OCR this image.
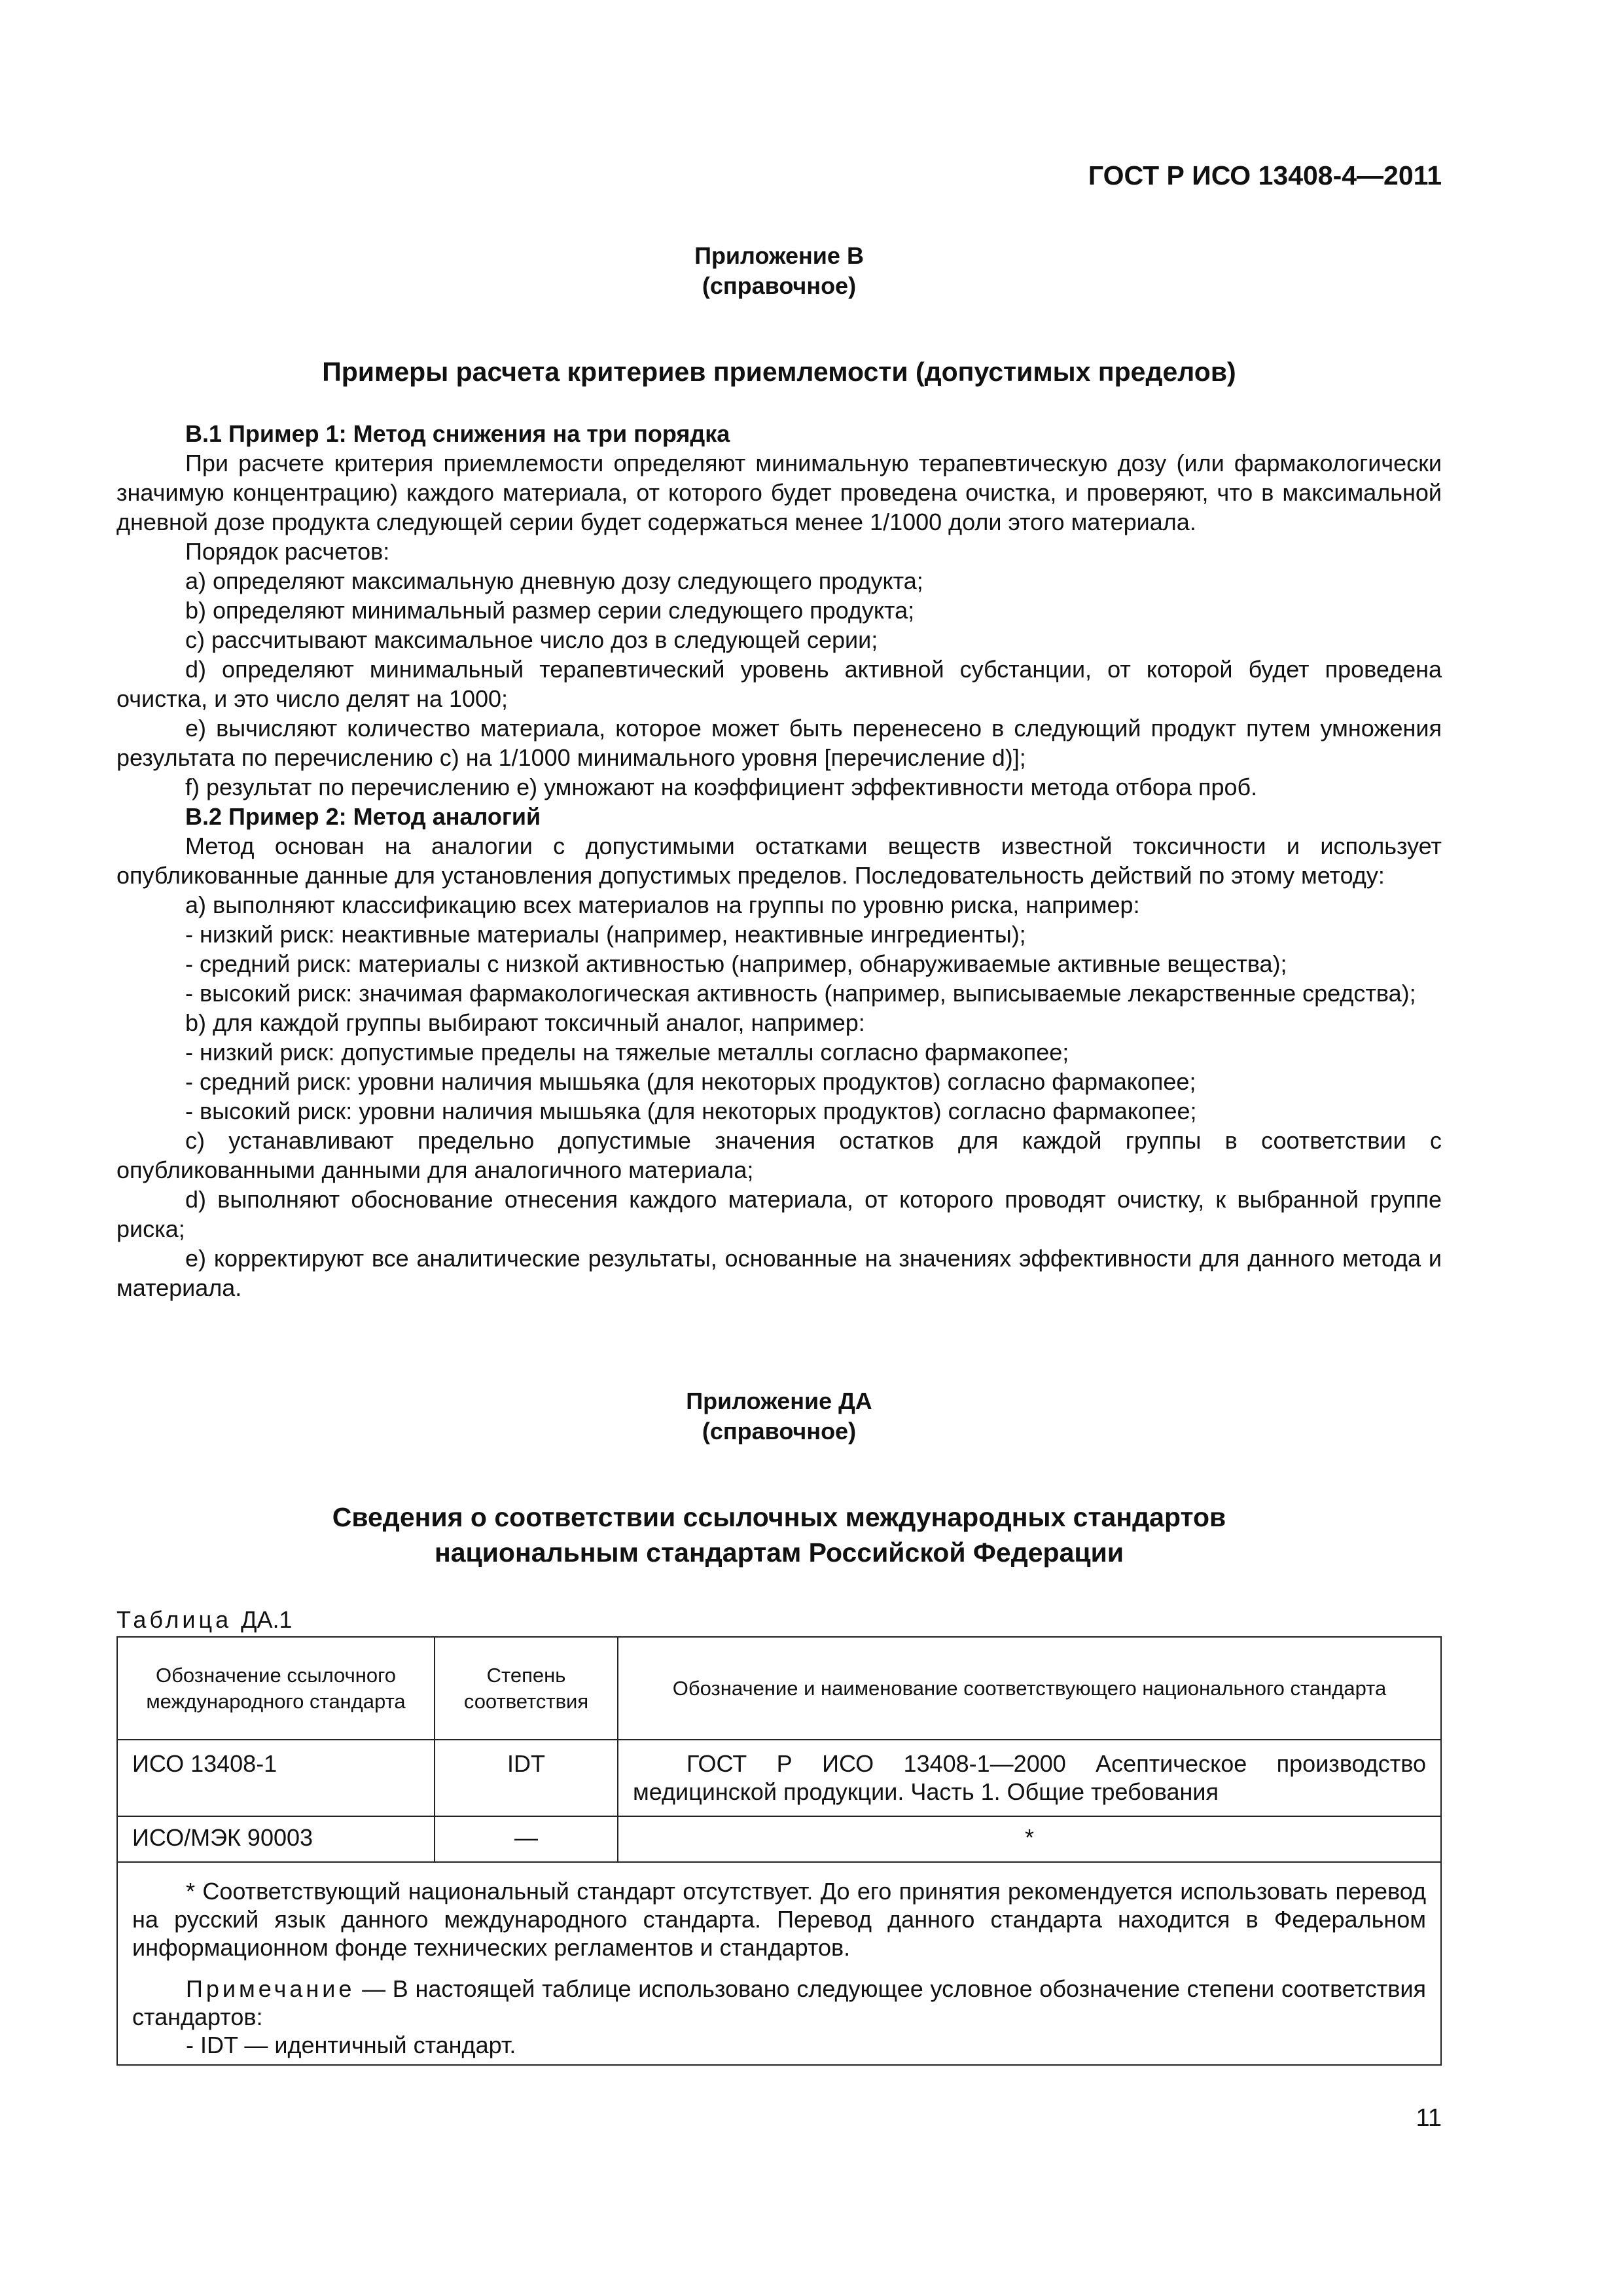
ГОСТ Р ИСО 13408-4—2011
Приложение В
(справочное)
Примеры расчета критериев приемлемости (допустимых пределов)

В.1 Пример 1: Метод снижения на три порядка

При расчете критерия приемлемости определяют минимальную терапевтическую дозу (или фармакологически значимую концентрацию) каждого материала, от которого будет проведена очистка, и проверяют, что в максимальной дневной дозе продукта следующей серии будет содержаться менее 1/1000 доли этого материала.

Порядок расчетов:

a) определяют максимальную дневную дозу следующего продукта;

b) определяют минимальный размер серии следующего продукта;

c) рассчитывают максимальное число доз в следующей серии;

d) определяют минимальный терапевтический уровень активной субстанции, от которой будет проведена очистка, и это число делят на 1000;

e) вычисляют количество материала, которое может быть перенесено в следующий продукт путем умножения результата по перечислению c) на 1/1000 минимального уровня [перечисление d)];

f) результат по перечислению e) умножают на коэффициент эффективности метода отбора проб.

В.2 Пример 2: Метод аналогий

Метод основан на аналогии с допустимыми остатками веществ известной токсичности и использует опубликованные данные для установления допустимых пределов. Последовательность действий по этому методу:

a) выполняют классификацию всех материалов на группы по уровню риска, например:

- низкий риск: неактивные материалы (например, неактивные ингредиенты);

- средний риск: материалы с низкой активностью (например, обнаруживаемые активные вещества);

- высокий риск: значимая фармакологическая активность (например, выписываемые лекарственные средства);

b) для каждой группы выбирают токсичный аналог, например:

- низкий риск: допустимые пределы на тяжелые металлы согласно фармакопее;

- средний риск: уровни наличия мышьяка (для некоторых продуктов) согласно фармакопее;

- высокий риск: уровни наличия мышьяка (для некоторых продуктов) согласно фармакопее;

c) устанавливают предельно допустимые значения остатков для каждой группы в соответствии с опубликованными данными для аналогичного материала;

d) выполняют обоснование отнесения каждого материала, от которого проводят очистку, к выбранной группе риска;

e) корректируют все аналитические результаты, основанные на значениях эффективности для данного метода и материала.

Приложение ДА
(справочное)
Сведения о соответствии ссылочных международных стандартов
национальным стандартам Российской Федерации
Таблица ДА.1
Обозначение ссылочного международного стандарта	Степень соответствия	Обозначение и наименование соответствующего национального стандарта
ИСО 13408-1	IDT	ГОСТ Р ИСО 13408-1—2000 Асептическое производство медицинской продукции. Часть 1. Общие требования

ИСО/МЭК 90003	—	*

* Соответствующий национальный стандарт отсутствует. До его принятия рекомендуется использовать перевод на русский язык данного международного стандарта. Перевод данного стандарта находится в Федеральном информационном фонде технических регламентов и стандартов.

Примечание — В настоящей таблице использовано следующее условное обозначение степени соответствия стандартов:

- IDT — идентичный стандарт.		

11
